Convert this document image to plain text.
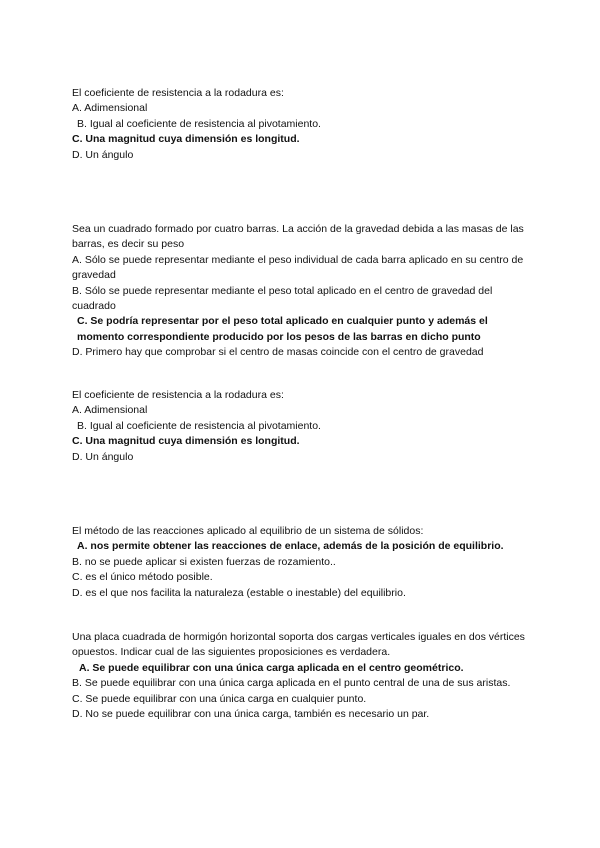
El coeficiente de resistencia a la rodadura es:

A. Adimensional

B. Igual al coeficiente de resistencia al pivotamiento.

C. Una magnitud cuya dimensión es longitud.

D. Un ángulo

Sea un cuadrado formado por cuatro barras. La acción de la gravedad debida a las masas de las barras, es decir su peso

A. Sólo se puede representar mediante el peso individual de cada barra aplicado en su centro de gravedad

B. Sólo se puede representar mediante el peso total aplicado en el centro de gravedad del cuadrado

C. Se podría representar por el peso total aplicado en cualquier punto y además el momento correspondiente producido por los pesos de las barras en dicho punto

D. Primero hay que comprobar si el centro de masas coincide con el centro de gravedad

El coeficiente de resistencia a la rodadura es:

A. Adimensional

B. Igual al coeficiente de resistencia al pivotamiento.

C. Una magnitud cuya dimensión es longitud.

D. Un ángulo

El método de las reacciones aplicado al equilibrio de un sistema de sólidos:

A. nos permite obtener las reacciones de enlace, además de la posición de equilibrio.

B. no se puede aplicar si existen fuerzas de rozamiento..

C. es el único método posible.

D. es el que nos facilita la naturaleza (estable o inestable) del equilibrio.

Una placa cuadrada de hormigón horizontal soporta dos cargas verticales iguales en dos vértices opuestos. Indicar cual de las siguientes proposiciones es verdadera.

A. Se puede equilibrar con una única carga aplicada en el centro geométrico.

B. Se puede equilibrar con una única carga aplicada en el punto central de una de sus aristas.

C. Se puede equilibrar con una única carga en cualquier punto.

D. No se puede equilibrar con una única carga, también es necesario un par.
